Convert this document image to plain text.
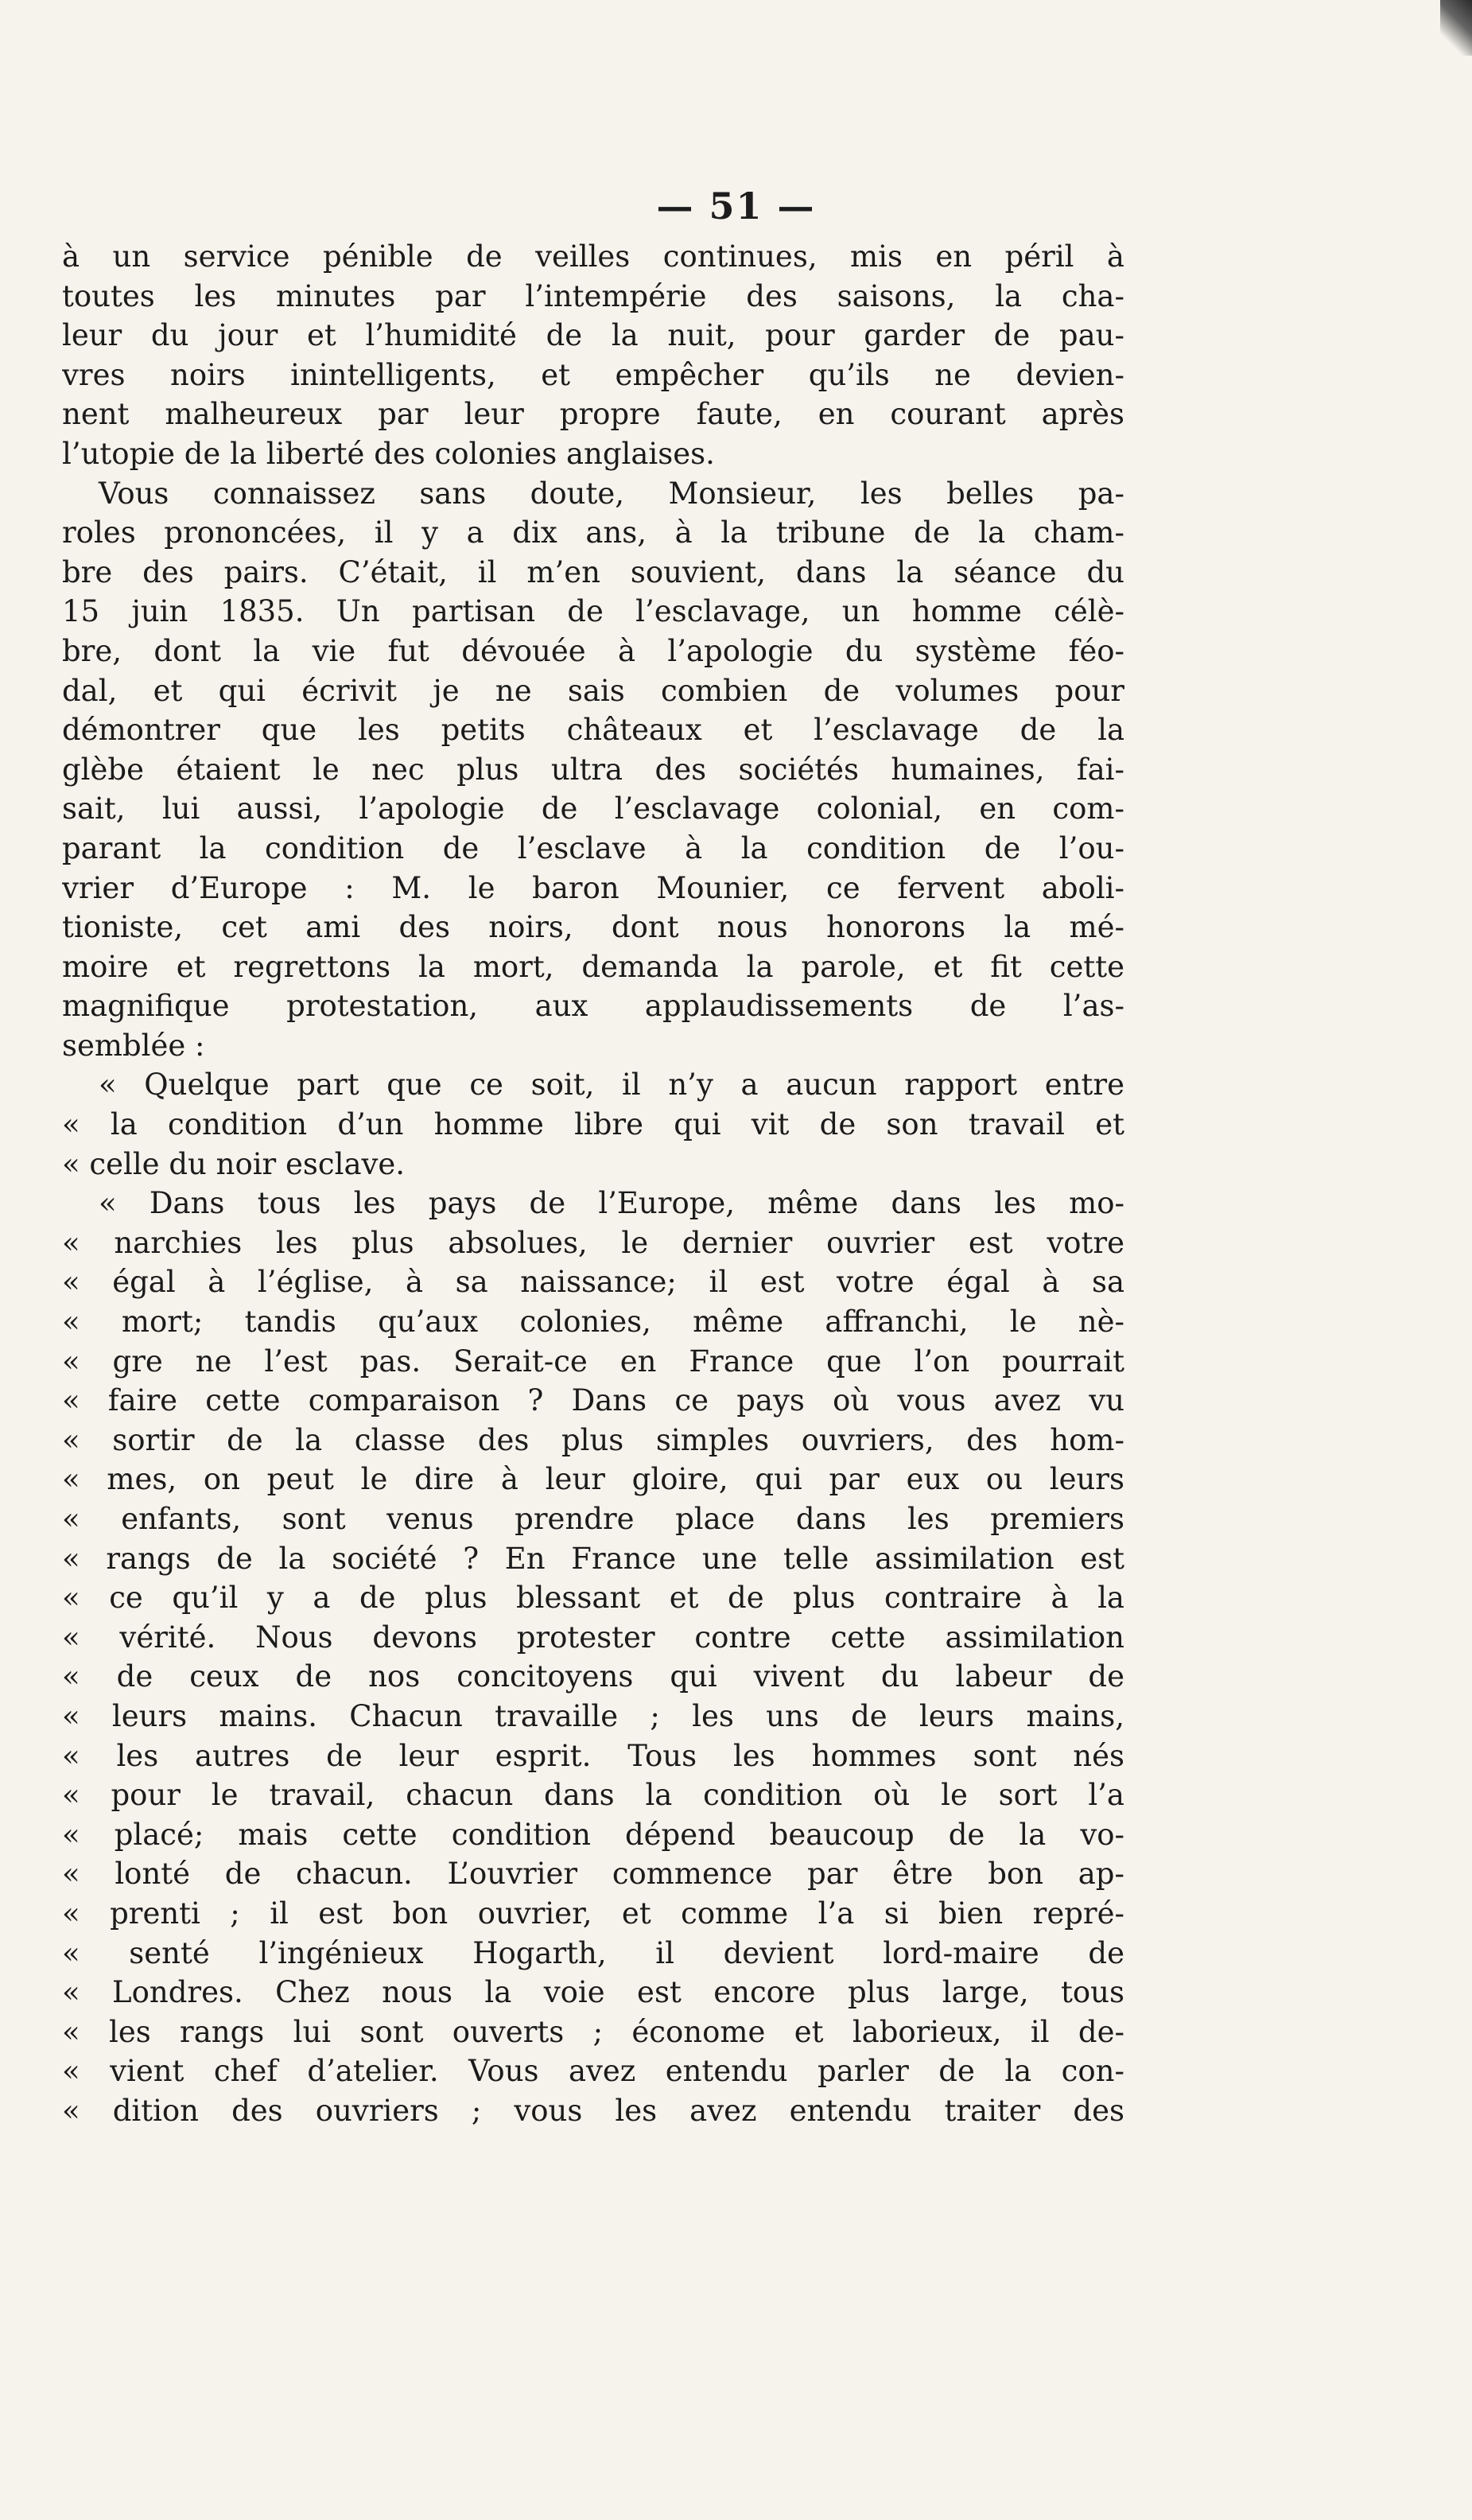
— 51 —
à un service pénible de veilles continues, mis en péril à
toutes les minutes par l’intempérie des saisons, la cha-
leur du jour et l’humidité de la nuit, pour garder de pau-
vres noirs inintelligents, et empêcher qu’ils ne devien-
nent malheureux par leur propre faute, en courant après
l’utopie de la liberté des colonies anglaises.
Vous connaissez sans doute, Monsieur, les belles pa-
roles prononcées, il y a dix ans, à la tribune de la cham-
bre des pairs. C’était, il m’en souvient, dans la séance du
15 juin 1835. Un partisan de l’esclavage, un homme célè-
bre, dont la vie fut dévouée à l’apologie du système féo-
dal, et qui écrivit je ne sais combien de volumes pour
démontrer que les petits châteaux et l’esclavage de la
glèbe étaient le nec plus ultra des sociétés humaines, fai-
sait, lui aussi, l’apologie de l’esclavage colonial, en com-
parant la condition de l’esclave à la condition de l’ou-
vrier d’Europe : M. le baron Mounier, ce fervent aboli-
tioniste, cet ami des noirs, dont nous honorons la mé-
moire et regrettons la mort, demanda la parole, et fit cette
magnifique protestation, aux applaudissements de l’as-
semblée :
« Quelque part que ce soit, il n’y a aucun rapport entre
« la condition d’un homme libre qui vit de son travail et
« celle du noir esclave.
« Dans tous les pays de l’Europe, même dans les mo-
« narchies les plus absolues, le dernier ouvrier est votre
« égal à l’église, à sa naissance; il est votre égal à sa
« mort; tandis qu’aux colonies, même affranchi, le nè-
« gre ne l’est pas. Serait-ce en France que l’on pourrait
« faire cette comparaison ? Dans ce pays où vous avez vu
« sortir de la classe des plus simples ouvriers, des hom-
« mes, on peut le dire à leur gloire, qui par eux ou leurs
« enfants, sont venus prendre place dans les premiers
« rangs de la société ? En France une telle assimilation est
« ce qu’il y a de plus blessant et de plus contraire à la
« vérité. Nous devons protester contre cette assimilation
« de ceux de nos concitoyens qui vivent du labeur de
« leurs mains. Chacun travaille ; les uns de leurs mains,
« les autres de leur esprit. Tous les hommes sont nés
« pour le travail, chacun dans la condition où le sort l’a
« placé; mais cette condition dépend beaucoup de la vo-
« lonté de chacun. L’ouvrier commence par être bon ap-
« prenti ; il est bon ouvrier, et comme l’a si bien repré-
« senté l’ingénieux Hogarth, il devient lord-maire de
« Londres. Chez nous la voie est encore plus large, tous
« les rangs lui sont ouverts ; économe et laborieux, il de-
« vient chef d’atelier. Vous avez entendu parler de la con-
« dition des ouvriers ; vous les avez entendu traiter des
